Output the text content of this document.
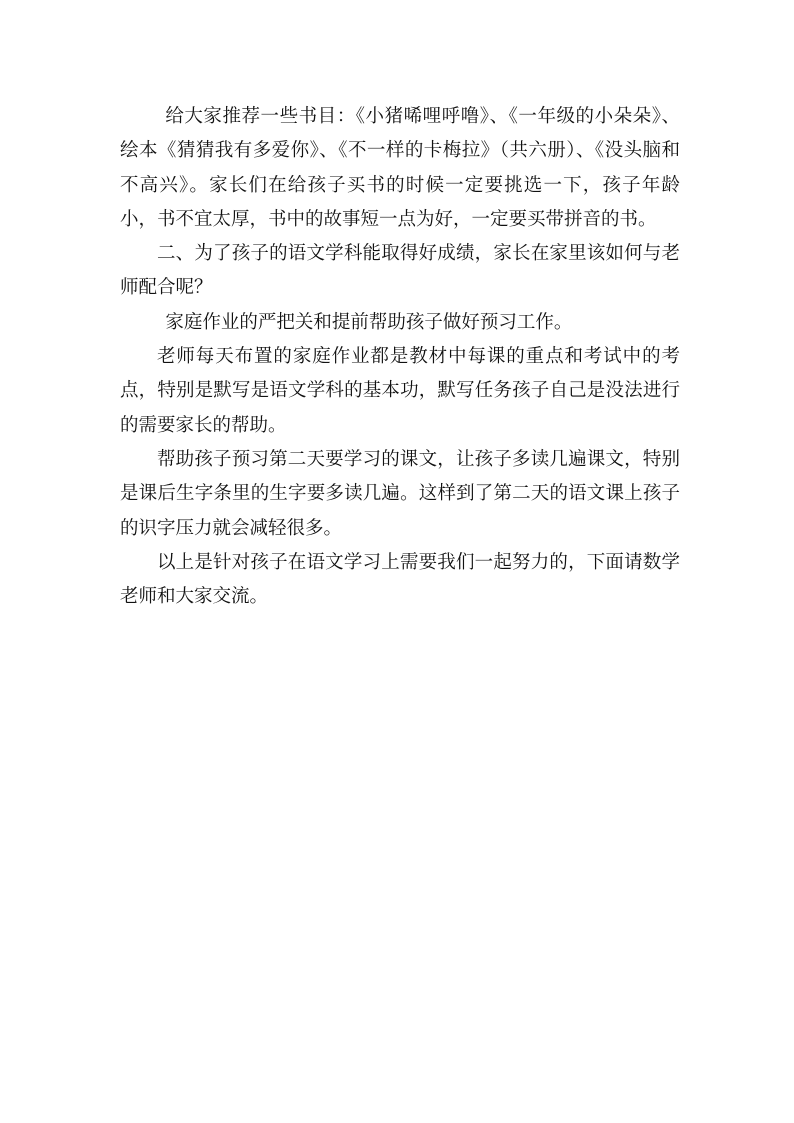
给大家推荐一些书目：《小猪唏哩呼噜》、《一年级的小朵朵》、绘本《猜猜我有多爱你》、《不一样的卡梅拉》（共六册）、《没头脑和不高兴》。家长们在给孩子买书的时候一定要挑选一下，孩子年龄小，书不宜太厚，书中的故事短一点为好，一定要买带拼音的书。

二、为了孩子的语文学科能取得好成绩，家长在家里该如何与老师配合呢？

家庭作业的严把关和提前帮助孩子做好预习工作。

老师每天布置的家庭作业都是教材中每课的重点和考试中的考点，特别是默写是语文学科的基本功，默写任务孩子自己是没法进行的需要家长的帮助。

帮助孩子预习第二天要学习的课文，让孩子多读几遍课文，特别是课后生字条里的生字要多读几遍。这样到了第二天的语文课上孩子的识字压力就会减轻很多。

以上是针对孩子在语文学习上需要我们一起努力的，下面请数学老师和大家交流。
